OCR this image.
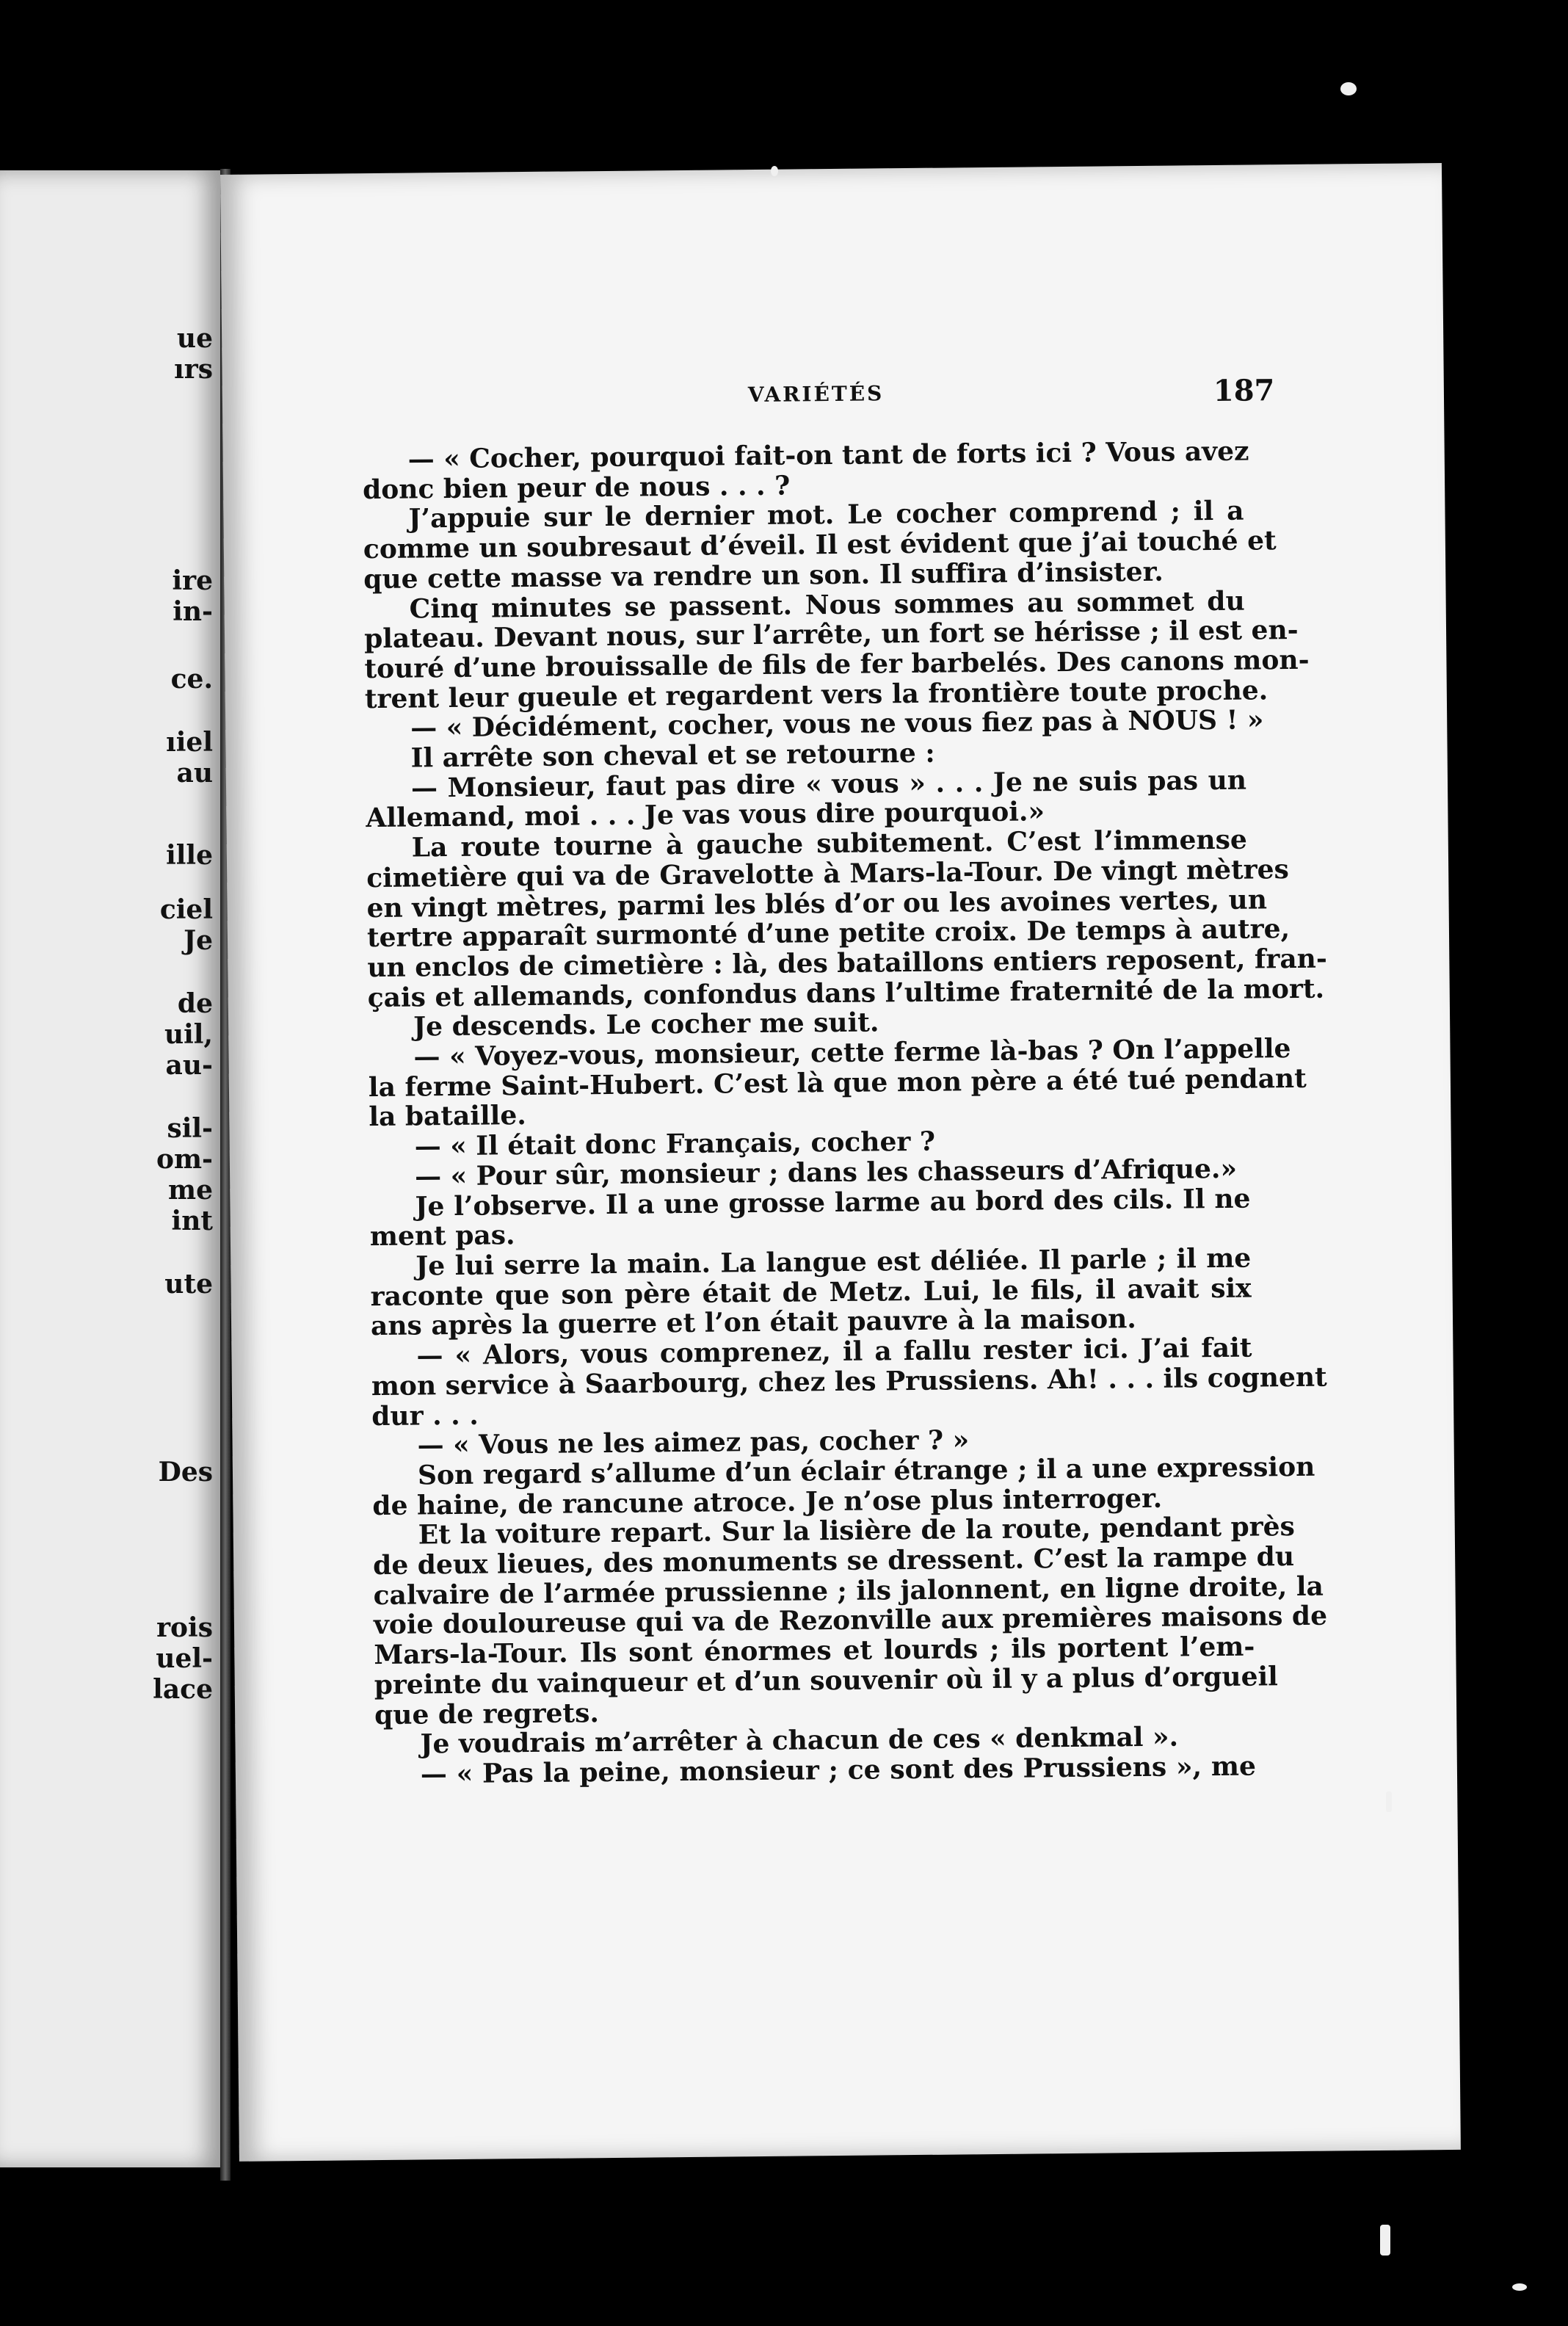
ue
ırs
ire
in-
ce.
ıiel
au
ille
ciel
Je
de
uil,
au-
sil-
om-
me
int
ute
Des
rois
uel-
lace
VARIÉTÉS	187
— « Cocher, pourquoi fait-on tant de forts ici ? Vous avez
donc bien peur de nous . . . ?
J’appuie sur le dernier mot. Le cocher comprend ; il a
comme un soubresaut d’éveil. Il est évident que j’ai touché et
que cette masse va rendre un son. Il suffira d’insister.
Cinq minutes se passent. Nous sommes au sommet du
plateau. Devant nous, sur l’arrête, un fort se hérisse ; il est en-
touré d’une brouissalle de fils de fer barbelés. Des canons mon-
trent leur gueule et regardent vers la frontière toute proche.
— « Décidément, cocher, vous ne vous fiez pas à NOUS ! »
Il arrête son cheval et se retourne :
— Monsieur, faut pas dire « vous » . . . Je ne suis pas un
Allemand, moi . . . Je vas vous dire pourquoi.»
La route tourne à gauche subitement. C’est l’immense
cimetière qui va de Gravelotte à Mars-la-Tour. De vingt mètres
en vingt mètres, parmi les blés d’or ou les avoines vertes, un
tertre apparaît surmonté d’une petite croix. De temps à autre,
un enclos de cimetière : là, des bataillons entiers reposent, fran-
çais et allemands, confondus dans l’ultime fraternité de la mort.
Je descends. Le cocher me suit.
— « Voyez-vous, monsieur, cette ferme là-bas ? On l’appelle
la ferme Saint-Hubert. C’est là que mon père a été tué pendant
la bataille.
— « Il était donc Français, cocher ?
— « Pour sûr, monsieur ; dans les chasseurs d’Afrique.»
Je l’observe. Il a une grosse larme au bord des cils. Il ne
ment pas.
Je lui serre la main. La langue est déliée. Il parle ; il me
raconte que son père était de Metz. Lui, le fils, il avait six
ans après la guerre et l’on était pauvre à la maison.
— « Alors, vous comprenez, il a fallu rester ici. J’ai fait
mon service à Saarbourg, chez les Prussiens. Ah! . . . ils cognent
dur . . .
— « Vous ne les aimez pas, cocher ? »
Son regard s’allume d’un éclair étrange ; il a une expression
de haine, de rancune atroce. Je n’ose plus interroger.
Et la voiture repart. Sur la lisière de la route, pendant près
de deux lieues, des monuments se dressent. C’est la rampe du
calvaire de l’armée prussienne ; ils jalonnent, en ligne droite, la
voie douloureuse qui va de Rezonville aux premières maisons de
Mars-la-Tour. Ils sont énormes et lourds ; ils portent l’em-
preinte du vainqueur et d’un souvenir où il y a plus d’orgueil
que de regrets.
Je voudrais m’arrêter à chacun de ces « denkmal ».
— « Pas la peine, monsieur ; ce sont des Prussiens », me
